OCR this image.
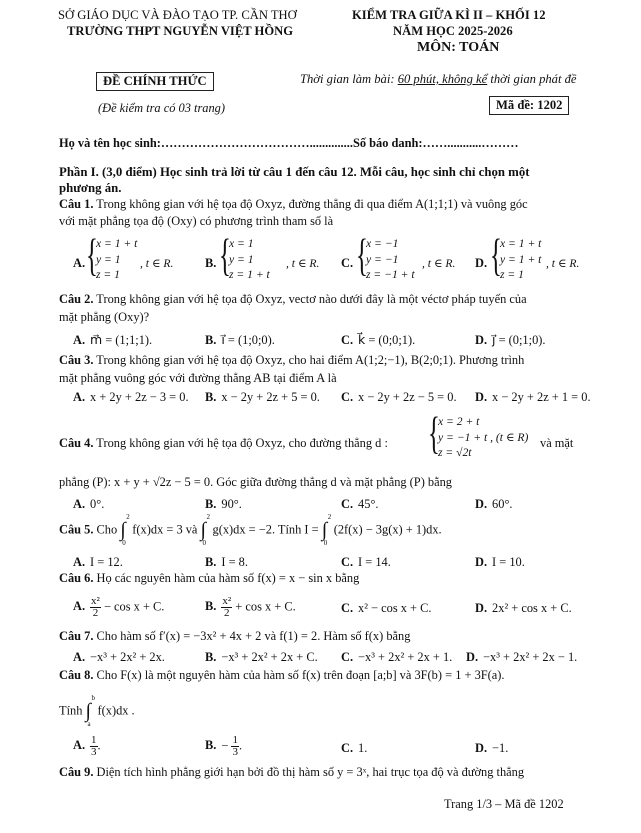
SỞ GIÁO DỤC VÀ ĐÀO TẠO TP. CẦN THƠ
TRƯỜNG THPT NGUYỄN VIỆT HỒNG
KIỂM TRA GIỮA KÌ II – KHỐI 12
NĂM HỌC 2025-2026
MÔN: TOÁN
ĐỀ CHÍNH THỨC	Thời gian làm bài: 60 phút, không kể thời gian phát đề
(Đề kiểm tra có 03 trang)	Mã đề: 1202
Họ và tên học sinh:………………………………..............Số báo danh:……...........………
Phần I. (3,0 điểm) Học sinh trả lời từ câu 1 đến câu 12. Mỗi câu, học sinh chỉ chọn một
phương án.
Câu 1. Trong không gian với hệ tọa độ Oxyz, đường thẳng đi qua điểm A(1;1;1) và vuông góc
với mặt phẳng tọa độ (Oxy) có phương trình tham số là
A. {
x = 1 + t
y = 1
z = 1
, t ∈ R.	B. {
x = 1
y = 1
z = 1 + t
, t ∈ R. C. {
x = −1
y = −1
z = −1 + t
, t ∈ R. D. {
x = 1 + t
y = 1 + t
z = 1
, t ∈ R.
Câu 2. Trong không gian với hệ tọa độ Oxyz, vectơ nào dưới đây là một véctơ pháp tuyến của
mặt phẳng (Oxy)?
A. m⃗ = (1;1;1).	B. i⃗ = (1;0;0).	C. k⃗ = (0;0;1).	D. j⃗ = (0;1;0).
Câu 3. Trong không gian với hệ tọa độ Oxyz, cho hai điểm A(1;2;−1), B(2;0;1). Phương trình
mặt phẳng vuông góc với đường thẳng AB tại điểm A là
A. x + 2y + 2z − 3 = 0. B. x − 2y + 2z + 5 = 0. C. x − 2y + 2z − 5 = 0. D. x − 2y + 2z + 1 = 0.
Câu 4. Trong không gian với hệ tọa độ Oxyz, cho đường thẳng d : {
x = 2 + t
y = −1 + t , (t ∈ R)
z = √2t
và mặt
phẳng (P): x + y + √2z − 5 = 0. Góc giữa đường thẳng d và mặt phẳng (P) bằng
A. 0°.	B. 90°.	C. 45°.	D. 60°.
Câu 5. Cho ∫
2
0
f(x)dx = 3 và ∫
2
0
g(x)dx = −2. Tính I = ∫
2
0
(2f(x) − 3g(x) + 1)dx.
A. I = 12.	B. I = 8.	C. I = 14.	D. I = 10.
Câu 6. Họ các nguyên hàm của hàm số f(x) = x − sin x bằng
A. $\frac{\text{x²}}{2} - \cos x + C$.	B. $\frac{\text{x²}}{2} + \cos x + C$.	C. x² − cos x + C.	D. 2x² + cos x + C.
Câu 7. Cho hàm số f′(x) = −3x² + 4x + 2 và f(1) = 2. Hàm số f(x) bằng
A. −x³ + 2x² + 2x.	B. −x³ + 2x² + 2x + C. C. −x³ + 2x² + 2x + 1. D. −x³ + 2x² + 2x − 1.
Câu 8. Cho F(x) là một nguyên hàm của hàm số f(x) trên đoạn [a;b] và 3F(b) = 1 + 3F(a).
Tính ∫
b
a
f(x)dx .
A. $\frac{1}{3}$ .	B. − $\frac{1}{3}$ .	C. 1.	D. −1.
Câu 9. Diện tích hình phẳng giới hạn bởi đồ thị hàm số y = 3ˣ, hai trục tọa độ và đường thẳng
Trang 1/3 – Mã đề 1202
